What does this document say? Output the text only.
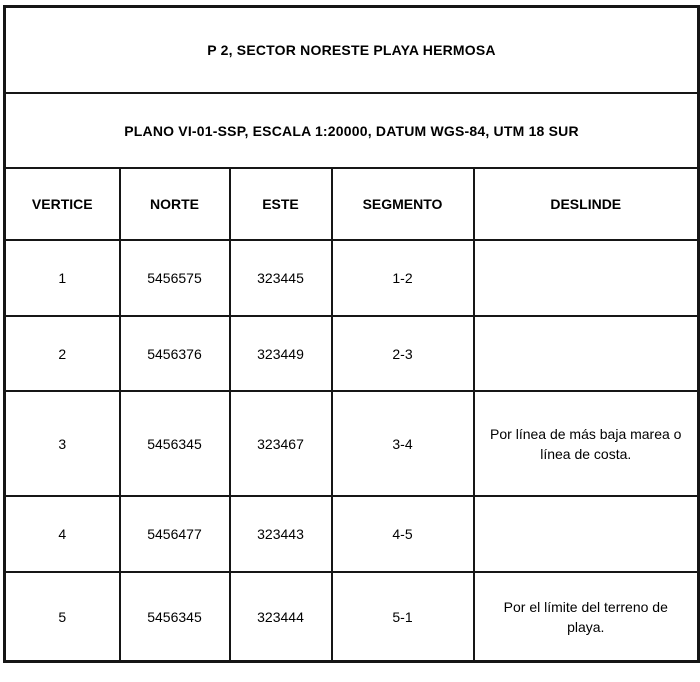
P 2, SECTOR NORESTE PLAYA HERMOSA				
PLANO VI-01-SSP, ESCALA 1:20000, DATUM WGS-84, UTM 18 SUR				
VERTICE	NORTE	ESTE	SEGMENTO	DESLINDE
1	5456575	323445	1-2	
2	5456376	323449	2-3	
3	5456345	323467	3-4	Por línea de más baja marea o línea de costa.
4	5456477	323443	4-5	
5	5456345	323444	5-1	Por el límite del terreno de playa.
